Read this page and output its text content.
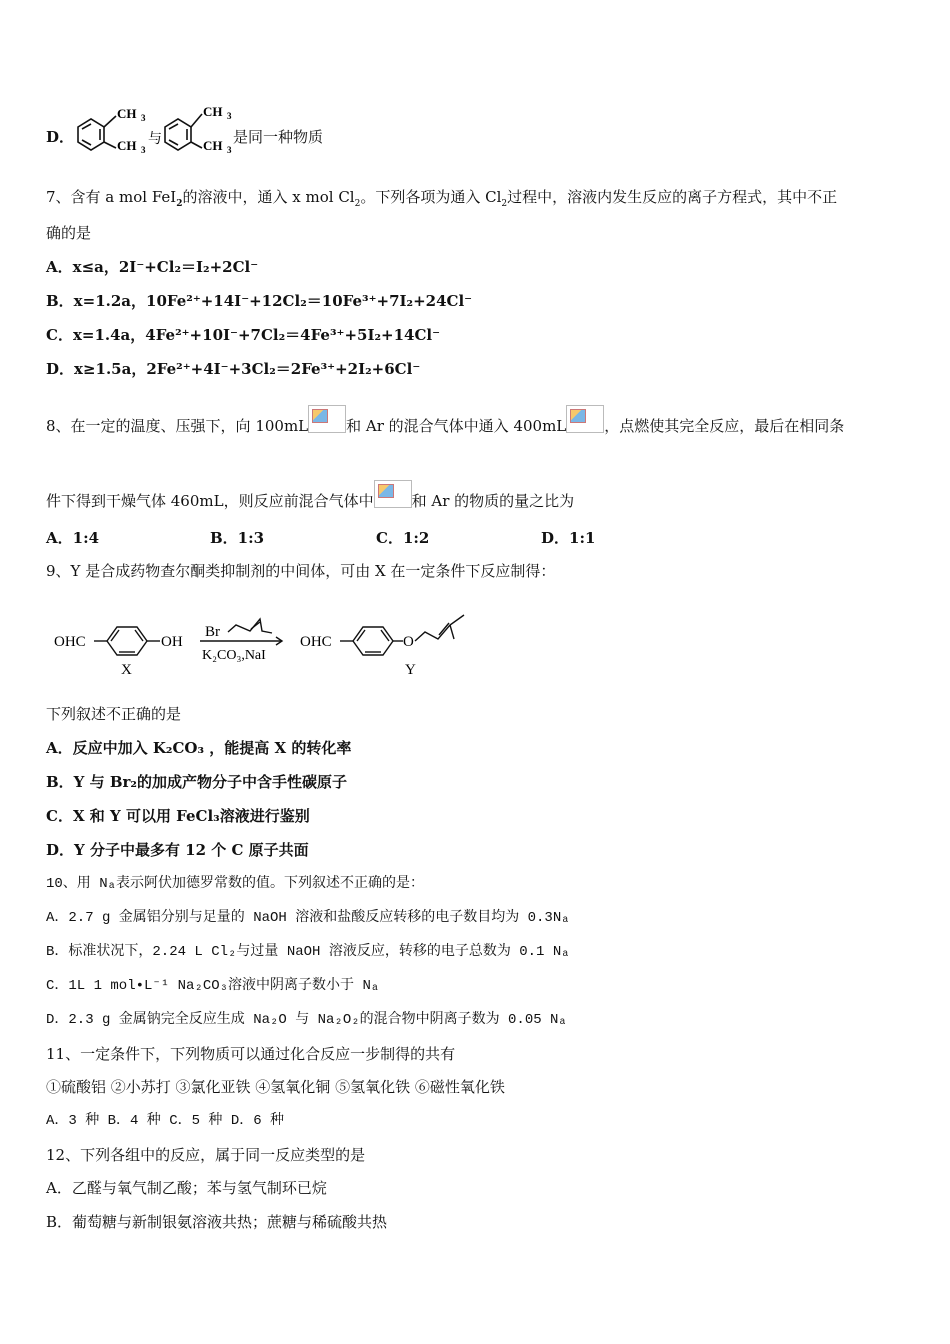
D．
CH 3
CH 3
与
CH 3
CH 3
是同一种物质
7、含有 a mol FeI$_2$的溶液中，通入 x mol $Cl_2$。下列各项为通入 $Cl_2$过程中，溶液内发生反应的离子方程式，其中不正
确的是
A．x≤a，2I⁻+Cl₂＝I₂+2Cl⁻
B．x=1.2a，10Fe²⁺+14I⁻+12Cl₂＝10Fe³⁺+7I₂+24Cl⁻
C．x=1.4a，4Fe²⁺+10I⁻+7Cl₂＝4Fe³⁺+5I₂+14Cl⁻
D．x≥1.5a，2Fe²⁺+4I⁻+3Cl₂＝2Fe³⁺+2I₂+6Cl⁻
8、在一定的温度、压强下，向 100mL	和 Ar 的混合气体中通入 400mL	，点燃使其完全反应，最后在相同条
件下得到干燥气体 460mL，则反应前混合气体中	和 Ar 的物质的量之比为
A．1:4	B．1:3	C．1:2	D．1:1
9、Y 是合成药物查尔酮类抑制剂的中间体，可由 X 在一定条件下反应制得：
OHC	OH
X
Br
K₂CO₃,NaI
OHC	O
Y
下列叙述不正确的是
A．反应中加入 K₂CO₃ ，能提高 X 的转化率
B．Y 与 Br₂的加成产物分子中含手性碳原子
C．X 和 Y 可以用 FeCl₃溶液进行鉴别
D．Y 分子中最多有 12 个 C 原子共面
10、用 Nₐ表示阿伏加德罗常数的值。下列叙述不正确的是：
A．2.7 g 金属铝分别与足量的 NaOH 溶液和盐酸反应转移的电子数目均为 0.3Nₐ
B．标准状况下，2.24 L Cl₂与过量 NaOH 溶液反应，转移的电子总数为 0.1 Nₐ
C．1L 1 mol•L⁻¹ Na₂CO₃溶液中阴离子数小于 Nₐ
D．2.3 g 金属钠完全反应生成 Na₂O 与 Na₂O₂的混合物中阴离子数为 0.05 Nₐ
11、一定条件下，下列物质可以通过化合反应一步制得的共有
①硫酸铝 ②小苏打 ③氯化亚铁 ④氢氧化铜 ⑤氢氧化铁 ⑥磁性氧化铁
A．3 种 B．4 种 C．5 种 D．6 种
12、下列各组中的反应，属于同一反应类型的是
A．乙醛与氧气制乙酸；苯与氢气制环已烷
B．葡萄糖与新制银氨溶液共热；蔗糖与稀硫酸共热
